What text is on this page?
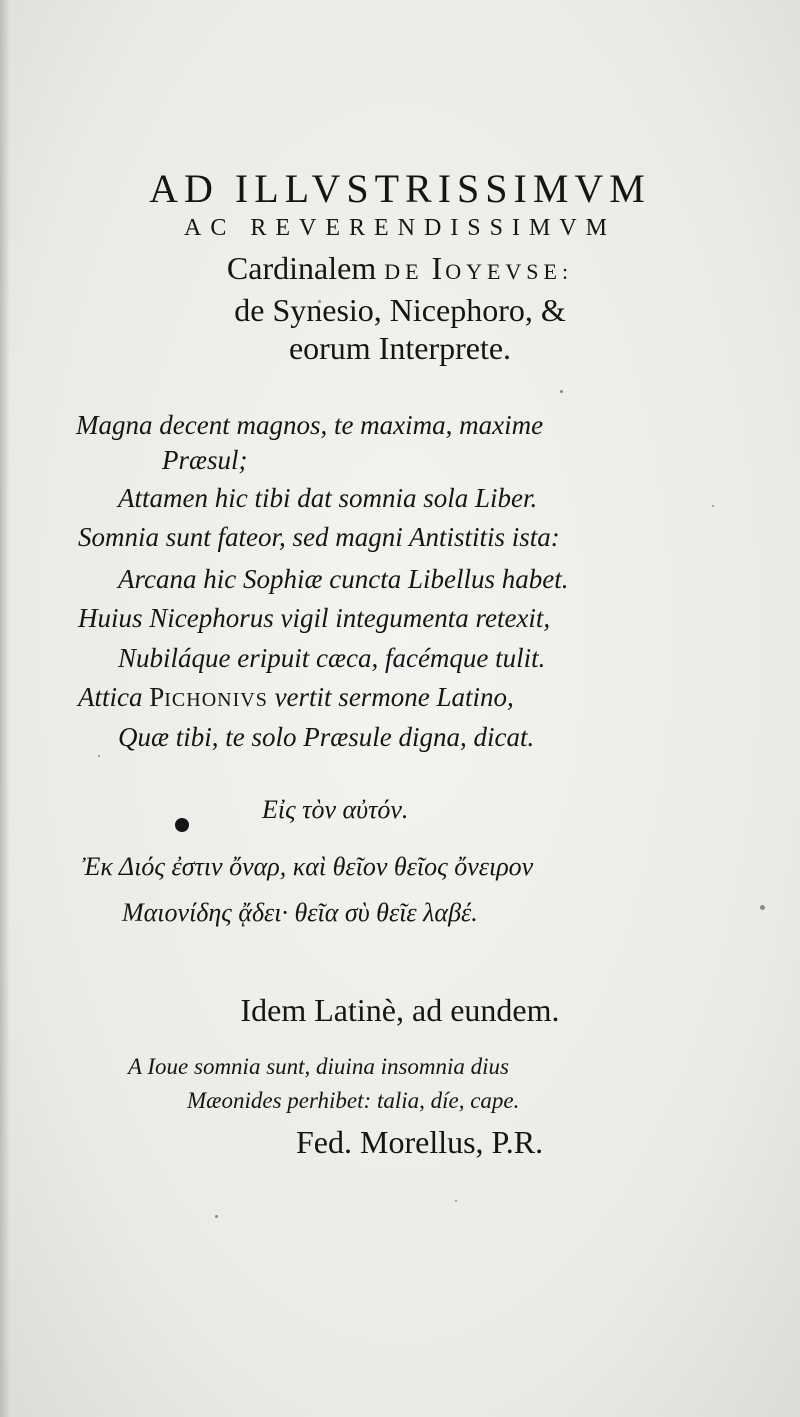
AD ILLVSTRISSIMVM
AC REVERENDISSIMVM
Cardinalem DE IOYEVSE:
de Synesio, Nicephoro, &
eorum Interprete.
Magna decent magnos, te maxima, maxime
Præsul;
Attamen hic tibi dat somnia sola Liber.
Somnia sunt fateor, sed magni Antistitis ista:
Arcana hic Sophiæ cuncta Libellus habet.
Huius Nicephorus vigil integumenta retexit,
Nubiláque eripuit cæca, facémque tulit.
Attica PICHONIVS vertit sermone Latino,
Quæ tibi, te solo Præsule digna, dicat.
Εἰς τὸν αὐτόν.
Ἐκ Διός ἐστιν ὄναρ, καὶ θεῖον θεῖος ὄνειρον
Μαιονίδης ᾄδει· θεῖα σὺ θεῖε λαβέ.
Idem Latinè, ad eundem.
A Ioue somnia sunt, diuina insomnia dius
Mæonides perhibet: talia, díe, cape.
Fed. Morellus, P.R.
